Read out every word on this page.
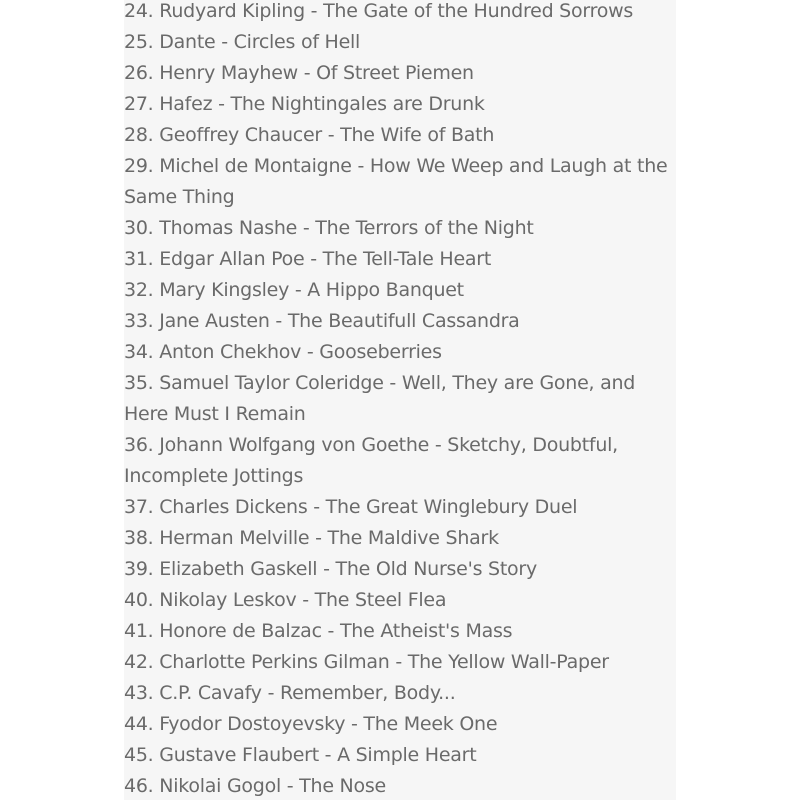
24. Rudyard Kipling - The Gate of the Hundred Sorrows
25. Dante - Circles of Hell
26. Henry Mayhew - Of Street Piemen
27. Hafez - The Nightingales are Drunk
28. Geoffrey Chaucer - The Wife of Bath
29. Michel de Montaigne - How We Weep and Laugh at the
Same Thing
30. Thomas Nashe - The Terrors of the Night
31. Edgar Allan Poe - The Tell-Tale Heart
32. Mary Kingsley - A Hippo Banquet
33. Jane Austen - The Beautifull Cassandra
34. Anton Chekhov - Gooseberries
35. Samuel Taylor Coleridge - Well, They are Gone, and
Here Must I Remain
36. Johann Wolfgang von Goethe - Sketchy, Doubtful,
Incomplete Jottings
37. Charles Dickens - The Great Winglebury Duel
38. Herman Melville - The Maldive Shark
39. Elizabeth Gaskell - The Old Nurse's Story
40. Nikolay Leskov - The Steel Flea
41. Honore de Balzac - The Atheist's Mass
42. Charlotte Perkins Gilman - The Yellow Wall-Paper
43. C.P. Cavafy - Remember, Body...
44. Fyodor Dostoyevsky - The Meek One
45. Gustave Flaubert - A Simple Heart
46. Nikolai Gogol - The Nose
